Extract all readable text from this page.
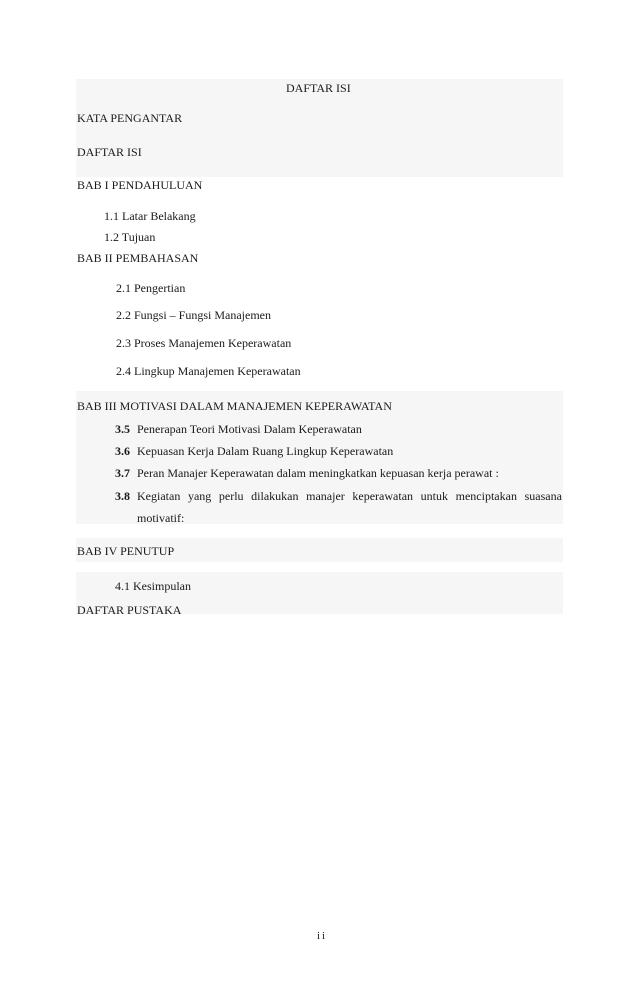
DAFTAR ISI
KATA PENGANTAR
DAFTAR ISI
BAB I PENDAHULUAN
1.1 Latar Belakang
1.2 Tujuan
BAB II PEMBAHASAN
2.1 Pengertian
2.2 Fungsi – Fungsi Manajemen
2.3 Proses Manajemen Keperawatan
2.4 Lingkup Manajemen Keperawatan
BAB III MOTIVASI DALAM MANAJEMEN KEPERAWATAN
3.5 Penerapan Teori Motivasi Dalam Keperawatan
3.6 Kepuasan Kerja Dalam Ruang Lingkup Keperawatan
3.7 Peran Manajer Keperawatan dalam meningkatkan kepuasan kerja perawat :
3.8 Kegiatan yang perlu dilakukan manajer keperawatan untuk menciptakan suasana
motivatif:
BAB IV PENUTUP
4.1 Kesimpulan
DAFTAR PUSTAKA
ii
